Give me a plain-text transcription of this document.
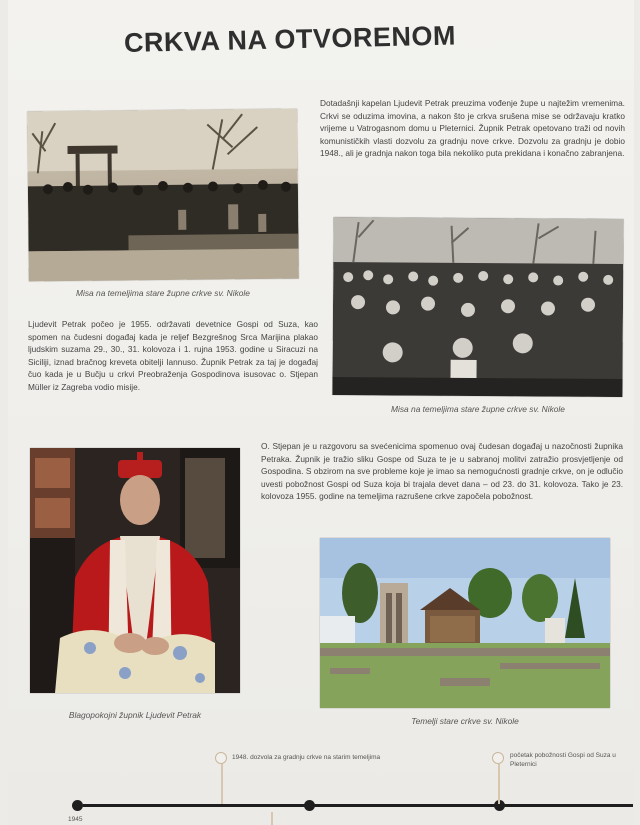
CRKVA NA OTVORENOM
Misa na temeljima stare župne crkve sv. Nikole
Dotadašnji kapelan Ljudevit Petrak preuzima vođenje župe u najtežim vremenima. Crkvi se oduzima imovina, a nakon što je crkva srušena mise se održavaju kratko vrijeme u Vatrogasnom domu u Pleternici. Župnik Petrak opetovano traži od novih komunističkih vlasti dozvolu za gradnju nove crkve. Dozvolu za gradnju je dobio 1948., ali je gradnja nakon toga bila nekoliko puta prekidana i konačno zabranjena.
Misa na temeljima stare župne crkve sv. Nikole
Ljudevit Petrak počeo je 1955. održavati devetnice Gospi od Suza, kao spomen na čudesni događaj kada je reljef Bezgrešnog Srca Marijina plakao ljudskim suzama 29., 30., 31. kolovoza i 1. rujna 1953. godine u Siracuzi na Siciliji, iznad bračnog kreveta obitelji Iannuso. Župnik Petrak za taj je događaj čuo kada je u Bučju u crkvi Preobraženja Gospodinova isusovac o. Stjepan Müller iz Zagreba vodio misije.
Blagopokojni župnik Ljudevit Petrak
O. Stjepan je u razgovoru sa svećenicima spomenuo ovaj čudesan događaj u nazočnosti župnika Petraka. Župnik je tražio sliku Gospe od Suza te je u sabranoj molitvi zatražio prosvjetljenje od Gospodina. S obzirom na sve probleme koje je imao sa nemogućnosti gradnje crkve, on je odlučio uvesti pobožnost Gospi od Suza koja bi trajala devet dana – od 23. do 31. kolovoza. Tako je 23. kolovoza 1955. godine na temeljima razrušene crkve započela pobožnost.
Temelji stare crkve sv. Nikole
1945
1948. dozvola za gradnju crkve na starim temeljima	početak pobožnosti Gospi od Suza u Pleternici
